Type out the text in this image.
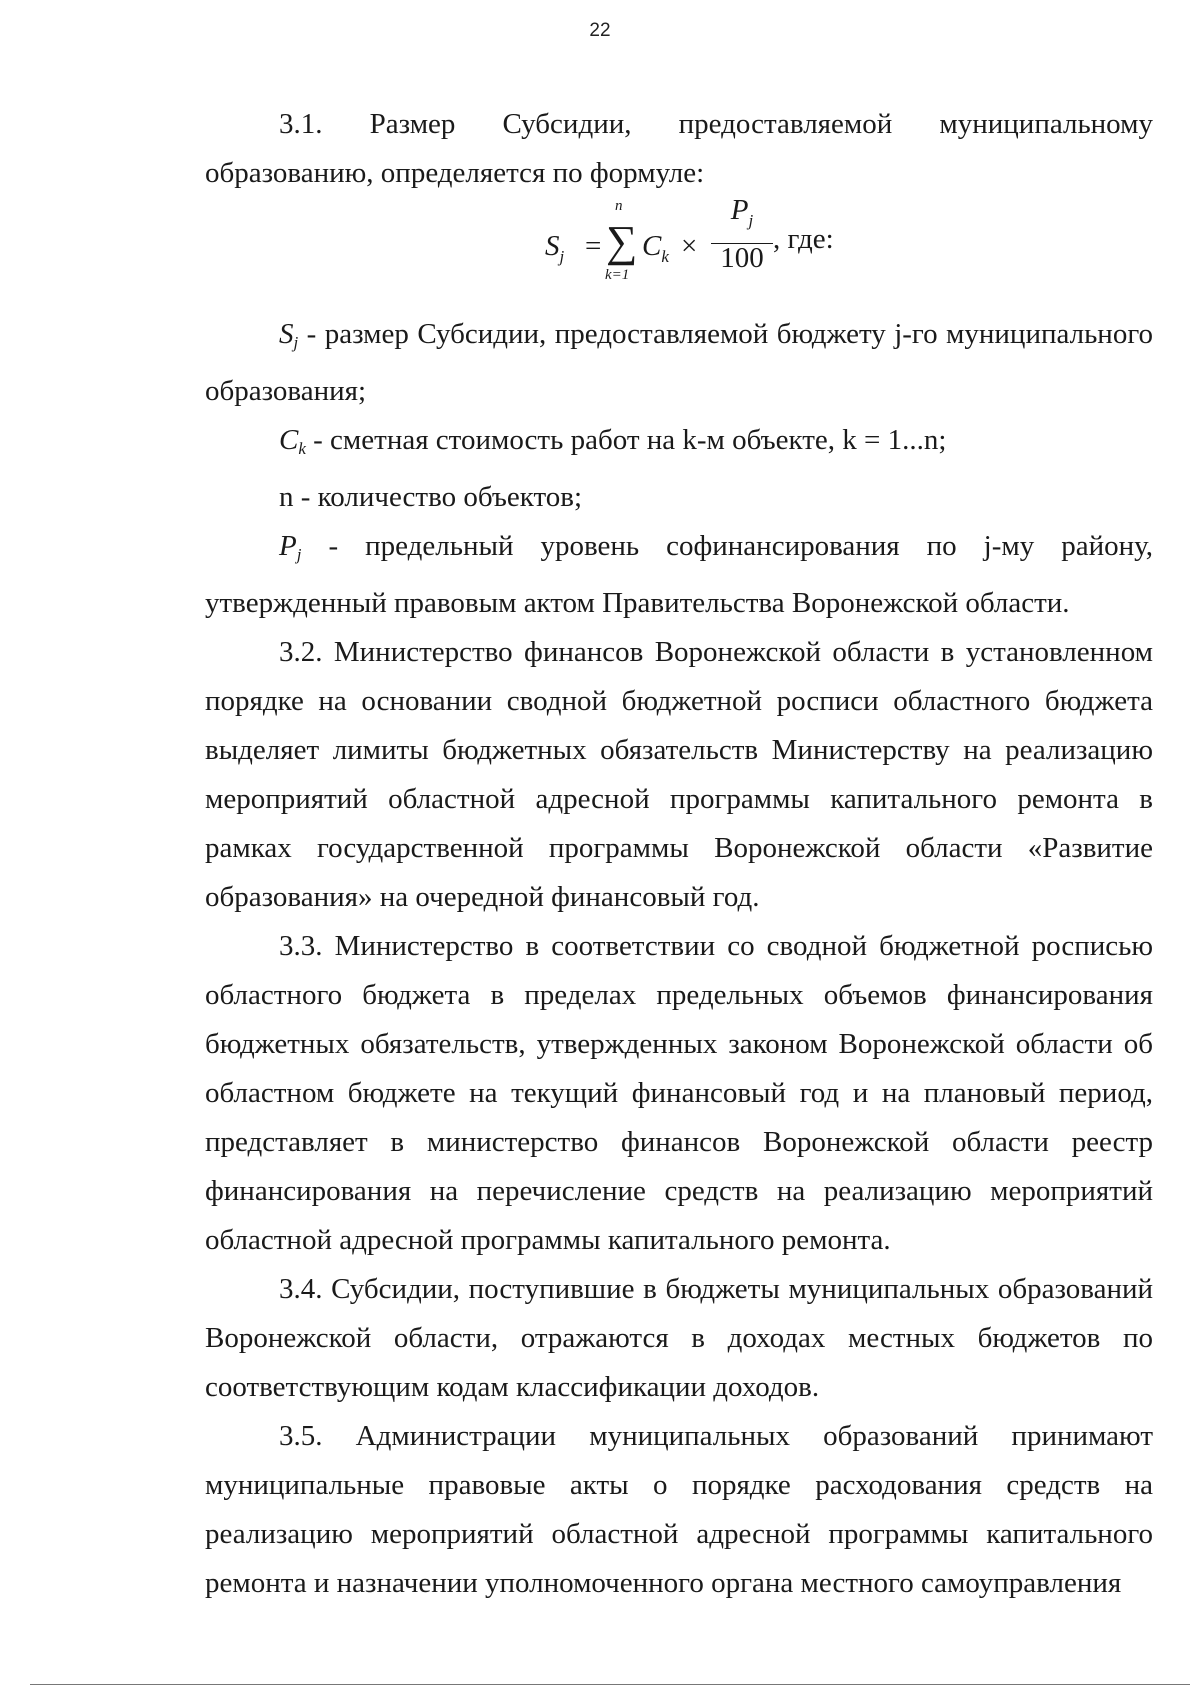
22

3.1. Размер Субсидии, предоставляемой муниципальному образованию, определяется по формуле:

$S_j$ - размер Субсидии, предоставляемой бюджету j-го муниципального образования;

$C_k$ - сметная стоимость работ на k-м объекте, k = 1...n;

n - количество объектов;

$P_j$ - предельный уровень софинансирования по j-му району, утвержденный правовым актом Правительства Воронежской области.

3.2. Министерство финансов Воронежской области в установленном порядке на основании сводной бюджетной росписи областного бюджета выделяет лимиты бюджетных обязательств Министерству на реализацию мероприятий областной адресной программы капитального ремонта в рамках государственной программы Воронежской области «Развитие образования» на очередной финансовый год.

3.3. Министерство в соответствии со сводной бюджетной росписью областного бюджета в пределах предельных объемов финансирования бюджетных обязательств, утвержденных законом Воронежской области об областном бюджете на текущий финансовый год и на плановый период, представляет в министерство финансов Воронежской области реестр финансирования на перечисление средств на реализацию мероприятий областной адресной программы капитального ремонта.

3.4. Субсидии, поступившие в бюджеты муниципальных образований Воронежской области, отражаются в доходах местных бюджетов по соответствующим кодам классификации доходов.

3.5. Администрации муниципальных образований принимают муниципальные правовые акты о порядке расходования средств на реализацию мероприятий областной адресной программы капитального ремонта и назначении уполномоченного органа местного самоуправления

$S_j$ =
n
∑
k=1
$C_k$ ×
$P_j$
100
, где:
